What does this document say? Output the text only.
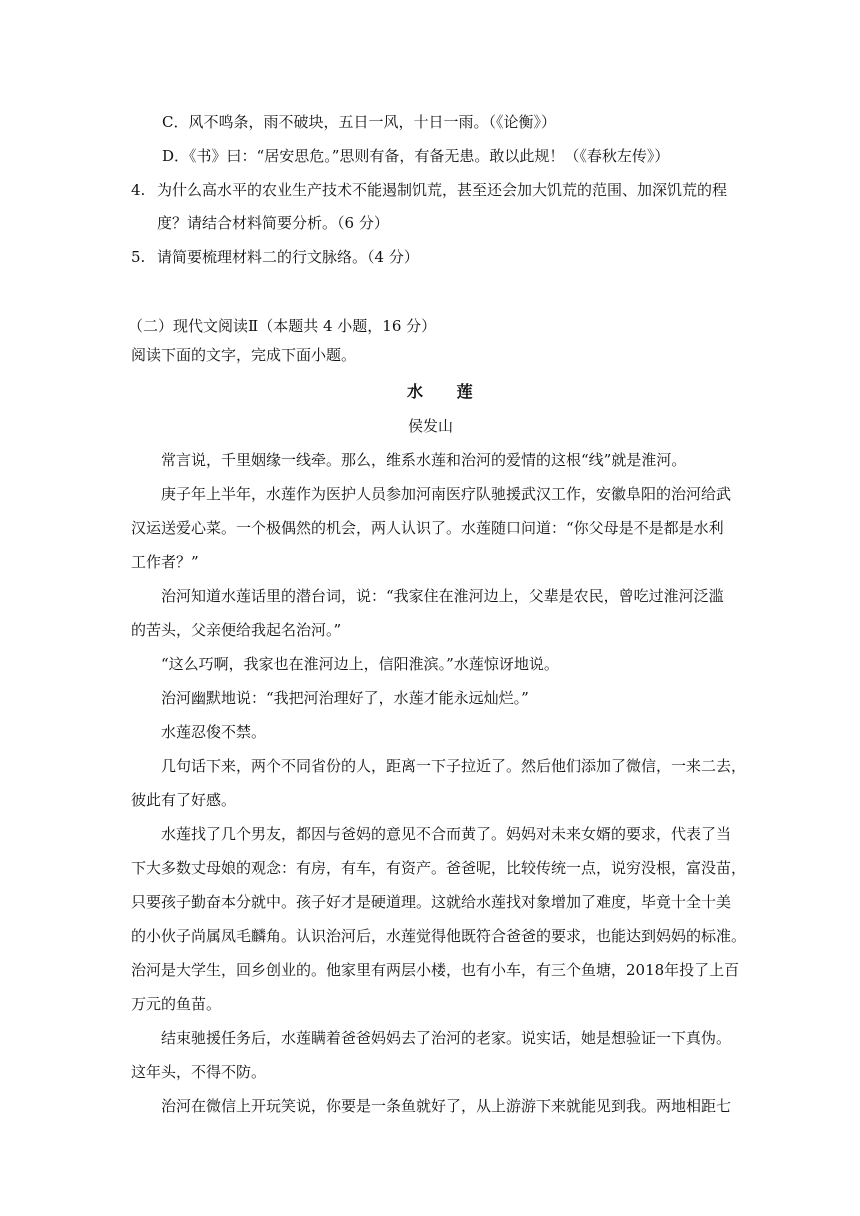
C．风不鸣条，雨不破块，五日一风，十日一雨。（《论衡》）
D．《书》曰：“居安思危。”思则有备，有备无患。敢以此规！（《春秋左传》）
4. 为什么高水平的农业生产技术不能遏制饥荒，甚至还会加大饥荒的范围、加深饥荒的程
度？请结合材料简要分析。（6 分）
5. 请简要梳理材料二的行文脉络。（4 分）
（二）现代文阅读Ⅱ（本题共 4 小题，16 分）
阅读下面的文字，完成下面小题。
水 莲
侯发山
常言说，千里姻缘一线牵。那么，维系水莲和治河的爱情的这根“线”就是淮河。
庚子年上半年，水莲作为医护人员参加河南医疗队驰援武汉工作，安徽阜阳的治河给武
汉运送爱心菜。一个极偶然的机会，两人认识了。水莲随口问道：“你父母是不是都是水利
工作者？”
治河知道水莲话里的潜台词，说：“我家住在淮河边上，父辈是农民，曾吃过淮河泛滥
的苦头，父亲便给我起名治河。”
“这么巧啊，我家也在淮河边上，信阳淮滨。”水莲惊讶地说。
治河幽默地说：“我把河治理好了，水莲才能永远灿烂。”
水莲忍俊不禁。
几句话下来，两个不同省份的人，距离一下子拉近了。然后他们添加了微信，一来二去，
彼此有了好感。
水莲找了几个男友，都因与爸妈的意见不合而黄了。妈妈对未来女婿的要求，代表了当
下大多数丈母娘的观念：有房，有车，有资产。爸爸呢，比较传统一点，说穷没根，富没苗，
只要孩子勤奋本分就中。孩子好才是硬道理。这就给水莲找对象增加了难度，毕竟十全十美
的小伙子尚属凤毛麟角。认识治河后，水莲觉得他既符合爸爸的要求，也能达到妈妈的标准。
治河是大学生，回乡创业的。他家里有两层小楼，也有小车，有三个鱼塘，2018年投了上百
万元的鱼苗。
结束驰援任务后，水莲瞒着爸爸妈妈去了治河的老家。说实话，她是想验证一下真伪。
这年头，不得不防。
治河在微信上开玩笑说，你要是一条鱼就好了，从上游游下来就能见到我。两地相距七
